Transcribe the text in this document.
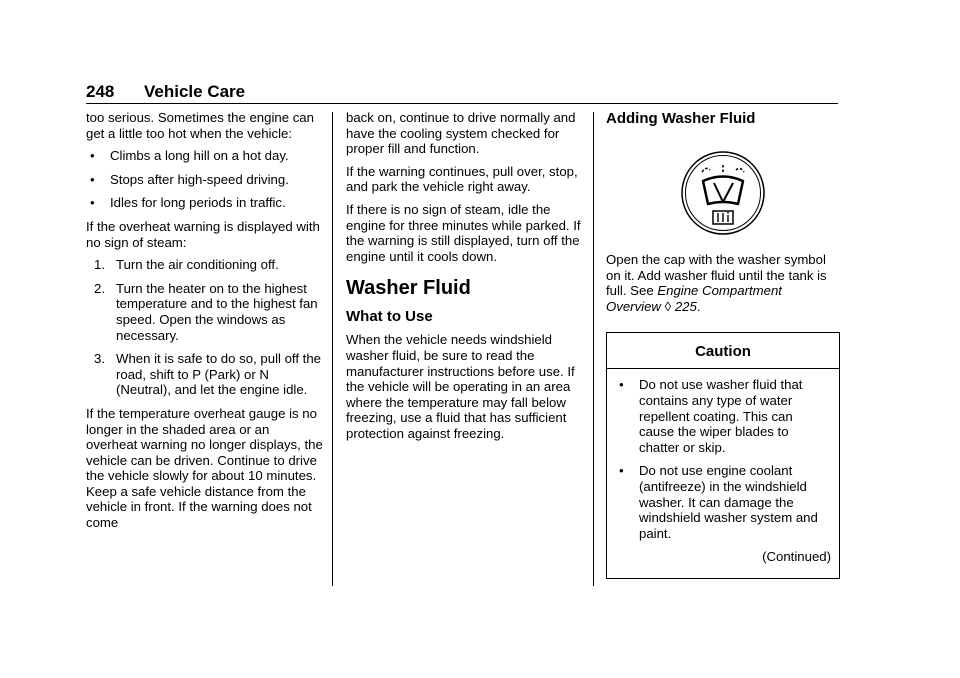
248 Vehicle Care

too serious. Sometimes the engine can get a little too hot when the vehicle:

• Climbs a long hill on a hot day.
• Stops after high-speed driving.
• Idles for long periods in traffic.

If the overheat warning is displayed with no sign of steam:

1. Turn the air conditioning off.
2. Turn the heater on to the highest temperature and to the highest fan speed. Open the windows as necessary.
3. When it is safe to do so, pull off the road, shift to P (Park) or N (Neutral), and let the engine idle.

If the temperature overheat gauge is no longer in the shaded area or an overheat warning no longer displays, the vehicle can be driven. Continue to drive the vehicle slowly for about 10 minutes. Keep a safe vehicle distance from the vehicle in front. If the warning does not come

back on, continue to drive normally and have the cooling system checked for proper fill and function.

If the warning continues, pull over, stop, and park the vehicle right away.

If there is no sign of steam, idle the engine for three minutes while parked. If the warning is still displayed, turn off the engine until it cools down.

Washer Fluid
What to Use

When the vehicle needs windshield washer fluid, be sure to read the manufacturer instructions before use. If the vehicle will be operating in an area where the temperature may fall below freezing, use a fluid that has sufficient protection against freezing.

Adding Washer Fluid

Open the cap with the washer symbol on it. Add washer fluid until the tank is full. See Engine Compartment Overview ◊ 225.

Caution
• Do not use washer fluid that contains any type of water repellent coating. This can cause the wiper blades to chatter or skip.
• Do not use engine coolant (antifreeze) in the windshield washer. It can damage the windshield washer system and paint.

(Continued)
